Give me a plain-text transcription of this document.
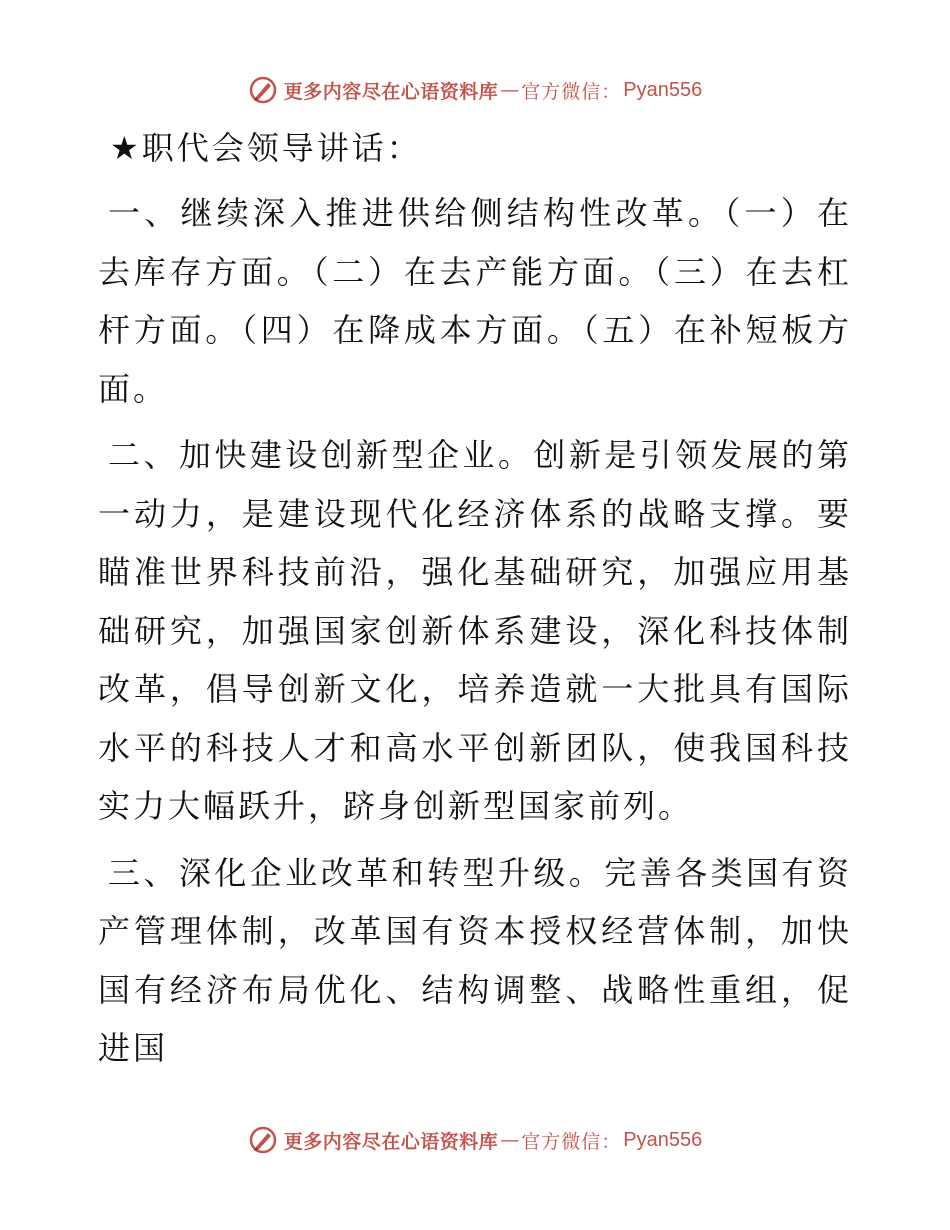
更多内容尽在心语资料库 — 官方微信： Pyan556
★职代会领导讲话：

一、继续深入推进供给侧结构性改革。（一）在去库存方面。（二）在去产能方面。（三）在去杠杆方面。（四）在降成本方面。（五）在补短板方面。

二、加快建设创新型企业。创新是引领发展的第一动力，是建设现代化经济体系的战略支撑。要瞄准世界科技前沿，强化基础研究，加强应用基础研究，加强国家创新体系建设，深化科技体制改革，倡导创新文化，培养造就一大批具有国际水平的科技人才和高水平创新团队，使我国科技实力大幅跃升，跻身创新型国家前列。

三、深化企业改革和转型升级。完善各类国有资产管理体制，改革国有资本授权经营体制，加快国有经济布局优化、结构调整、战略性重组，促进国

更多内容尽在心语资料库 — 官方微信： Pyan556
